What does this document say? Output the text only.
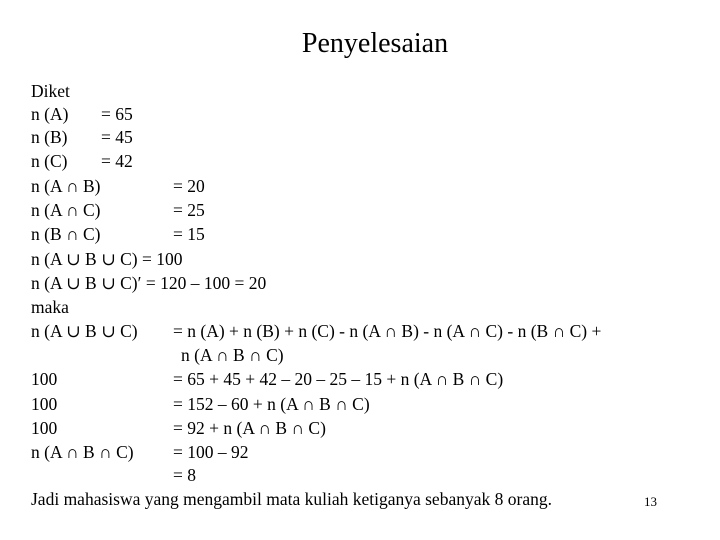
Penyelesaian
Diket
n (A) = 65
n (B) = 45
n (C) = 42
n (A ∩ B)	= 20
n (A ∩ C)	= 25
n (B ∩ C)	= 15
n (A ∪ B ∪ C) = 100
n (A ∪ B ∪ C)′ = 120 – 100 = 20
maka
n (A ∪ B ∪ C) = n (A) + n (B) + n (C) - n (A ∩ B) - n (A ∩ C) - n (B ∩ C) +
n (A ∩ B ∩ C)
100	= 65 + 45 + 42 – 20 – 25 – 15 + n (A ∩ B ∩ C)
100	= 152 – 60 + n (A ∩ B ∩ C)
100	= 92 + n (A ∩ B ∩ C)
n (A ∩ B ∩ C) = 100 – 92
= 8
Jadi mahasiswa yang mengambil mata kuliah ketiganya sebanyak 8 orang.	13
